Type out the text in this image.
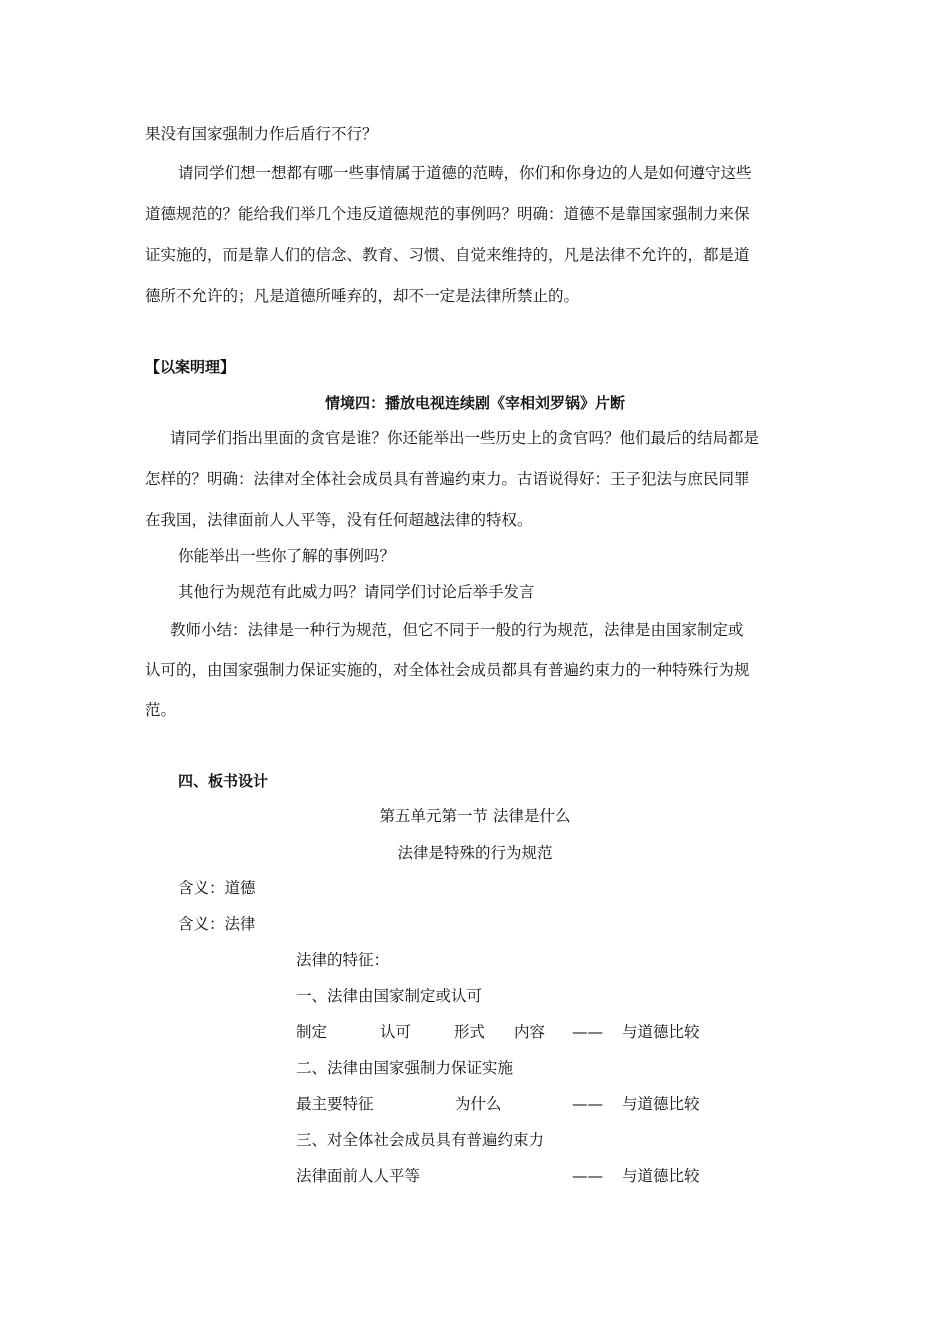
果没有国家强制力作后盾行不行？
请同学们想一想都有哪一些事情属于道德的范畴，你们和你身边的人是如何遵守这些
道德规范的？能给我们举几个违反道德规范的事例吗？明确：道德不是靠国家强制力来保
证实施的，而是靠人们的信念、教育、习惯、自觉来维持的，凡是法律不允许的，都是道
德所不允许的；凡是道德所唾弃的，却不一定是法律所禁止的。
【以案明理】
情境四：播放电视连续剧《宰相刘罗锅》片断
请同学们指出里面的贪官是谁？你还能举出一些历史上的贪官吗？他们最后的结局都是
怎样的？明确：法律对全体社会成员具有普遍约束力。古语说得好：王子犯法与庶民同罪
在我国，法律面前人人平等，没有任何超越法律的特权。
你能举出一些你了解的事例吗？
其他行为规范有此威力吗？请同学们讨论后举手发言
教师小结：法律是一种行为规范，但它不同于一般的行为规范，法律是由国家制定或
认可的，由国家强制力保证实施的，对全体社会成员都具有普遍约束力的一种特殊行为规
范。
四、板书设计
第五单元第一节 法律是什么
法律是特殊的行为规范
含义：道德
含义：法律
法律的特征：
一、法律由国家制定或认可
制定	认可	形式 内容 —— 与道德比较
二、法律由国家强制力保证实施
最主要特征	为什么	—— 与道德比较
三、对全体社会成员具有普遍约束力
法律面前人人平等	—— 与道德比较
